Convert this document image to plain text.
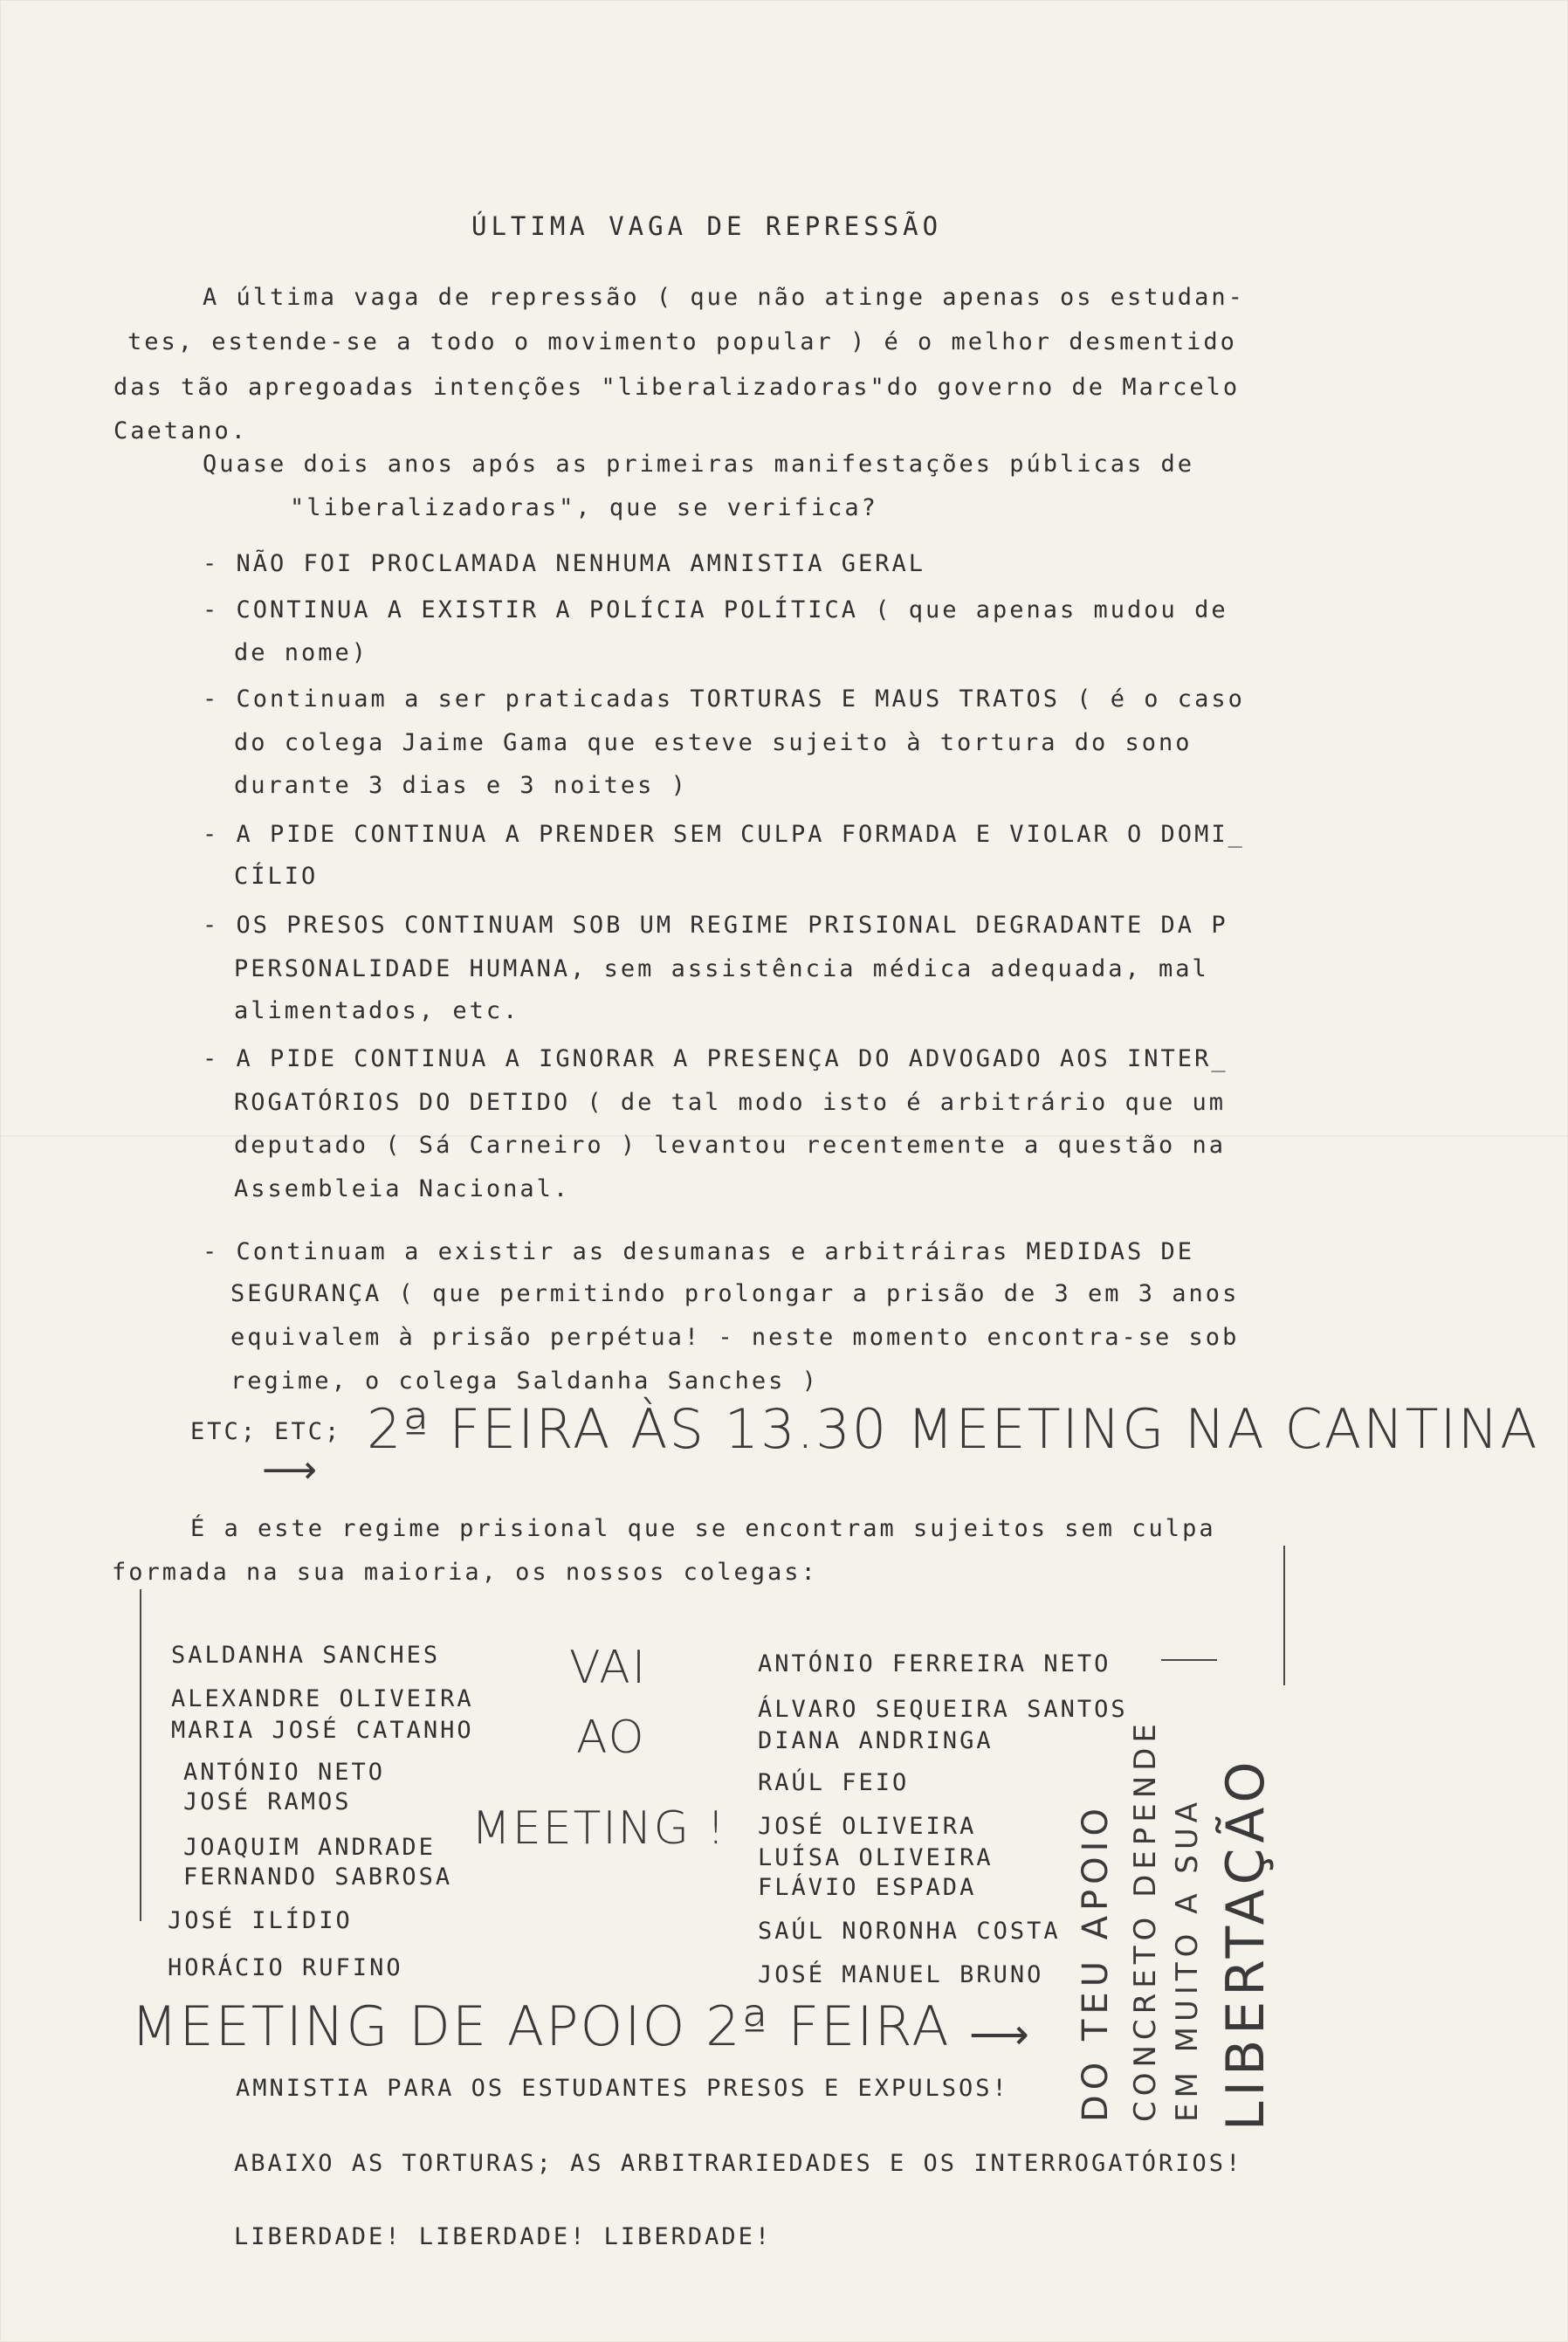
ÚLTIMA VAGA DE REPRESSÃO
A última vaga de repressão ( que não atinge apenas os estudan-
tes, estende-se a todo o movimento popular ) é o melhor desmentido
das tão apregoadas intenções "liberalizadoras"do governo de Marcelo
Caetano.
Quase dois anos após as primeiras manifestações públicas de
"liberalizadoras", que se verifica?
- NÃO FOI PROCLAMADA NENHUMA AMNISTIA GERAL
- CONTINUA A EXISTIR A POLÍCIA POLÍTICA ( que apenas mudou de
de nome)
- Continuam a ser praticadas TORTURAS E MAUS TRATOS ( é o caso
do colega Jaime Gama que esteve sujeito à tortura do sono
durante 3 dias e 3 noites )
- A PIDE CONTINUA A PRENDER SEM CULPA FORMADA E VIOLAR O DOMI_
CÍLIO
- OS PRESOS CONTINUAM SOB UM REGIME PRISIONAL DEGRADANTE DA P
PERSONALIDADE HUMANA, sem assistência médica adequada, mal
alimentados, etc.
- A PIDE CONTINUA A IGNORAR A PRESENÇA DO ADVOGADO AOS INTER_
ROGATÓRIOS DO DETIDO ( de tal modo isto é arbitrário que um
deputado ( Sá Carneiro ) levantou recentemente a questão na
Assembleia Nacional.
- Continuam a existir as desumanas e arbitráiras MEDIDAS DE
SEGURANÇA ( que permitindo prolongar a prisão de 3 em 3 anos
equivalem à prisão perpétua! - neste momento encontra-se sob
regime, o colega Saldanha Sanches )
ETC; ETC;
É a este regime prisional que se encontram sujeitos sem culpa
formada na sua maioria, os nossos colegas:
2ª FEIRA ÀS 13.30 MEETING NA CANTINA
⟶
SALDANHA SANCHES
ALEXANDRE OLIVEIRA
MARIA JOSÉ CATANHO
ANTÓNIO NETO
JOSÉ RAMOS
JOAQUIM ANDRADE
FERNANDO SABROSA
JOSÉ ILÍDIO
HORÁCIO RUFINO
ANTÓNIO FERREIRA NETO
ÁLVARO SEQUEIRA SANTOS
DIANA ANDRINGA
RAÚL FEIO
JOSÉ OLIVEIRA
LUÍSA OLIVEIRA
FLÁVIO ESPADA
SAÚL NORONHA COSTA
JOSÉ MANUEL BRUNO
VAI
AO
MEETING !
MEETING DE APOIO 2ª FEIRA ⟶ DO TEU APOIO CONCRETO DEPENDE EM MUITO A SUA LIBERTAÇÃO
AMNISTIA PARA OS ESTUDANTES PRESOS E EXPULSOS!
ABAIXO AS TORTURAS; AS ARBITRARIEDADES E OS INTERROGATÓRIOS!
LIBERDADE! LIBERDADE! LIBERDADE!
